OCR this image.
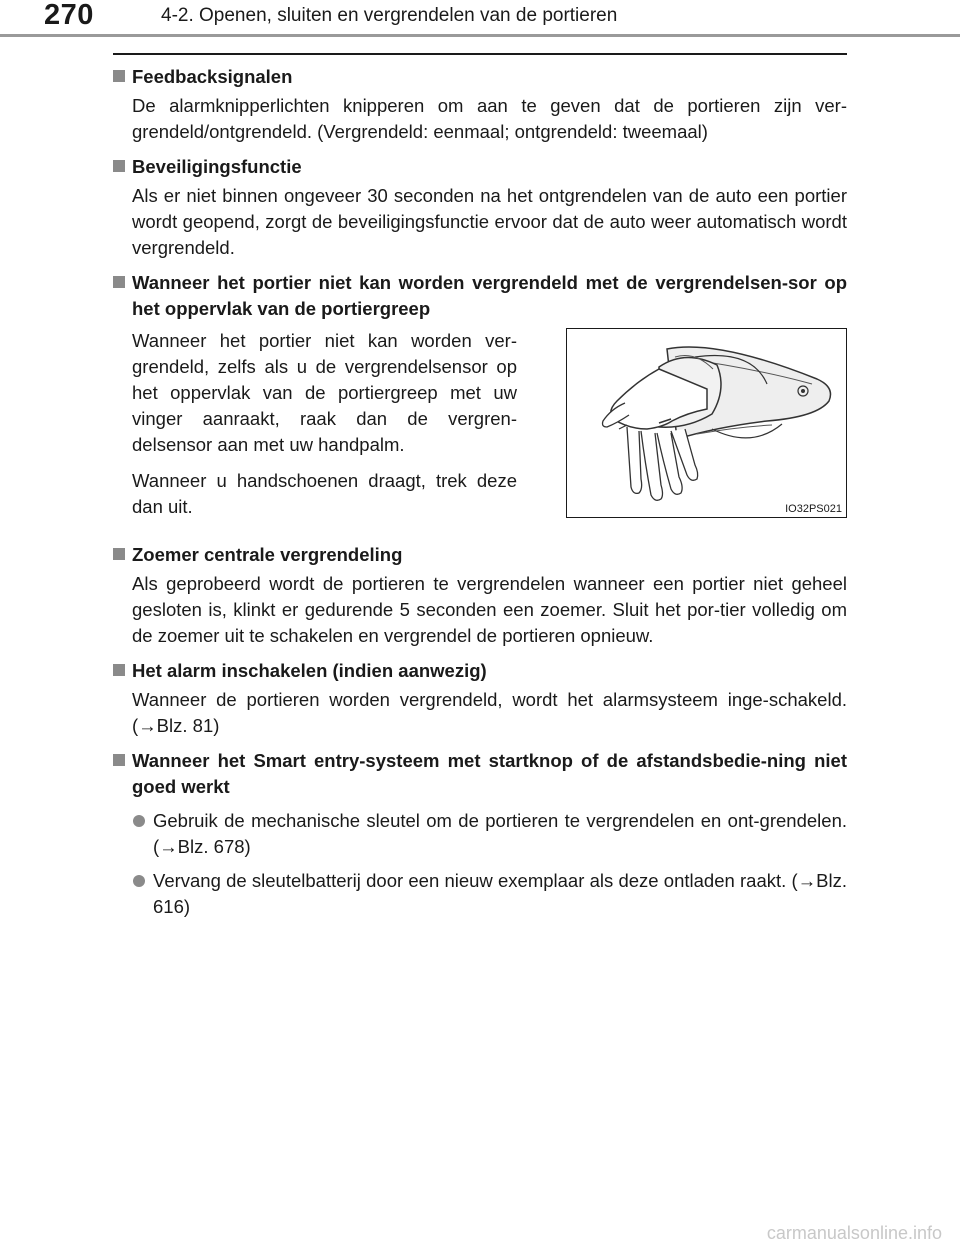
270	4-2. Openen, sluiten en vergrendelen van de portieren
Feedbacksignalen
De alarmknipperlichten knipperen om aan te geven dat de portieren zijn ver-grendeld/ontgrendeld. (Vergrendeld: eenmaal; ontgrendeld: tweemaal)
Beveiligingsfunctie
Als er niet binnen ongeveer 30 seconden na het ontgrendelen van de auto een portier wordt geopend, zorgt de beveiligingsfunctie ervoor dat de auto weer automatisch wordt vergrendeld.
Wanneer het portier niet kan worden vergrendeld met de vergrendelsen-sor op het oppervlak van de portiergreep

Wanneer het portier niet kan worden ver-grendeld, zelfs als u de vergrendelsensor op het oppervlak van de portiergreep met uw vinger aanraakt, raak dan de vergren-delsensor aan met uw handpalm.

Wanneer u handschoenen draagt, trek deze dan uit.	IO32PS021
Zoemer centrale vergrendeling
Als geprobeerd wordt de portieren te vergrendelen wanneer een portier niet geheel gesloten is, klinkt er gedurende 5 seconden een zoemer. Sluit het por-tier volledig om de zoemer uit te schakelen en vergrendel de portieren opnieuw.
Het alarm inschakelen (indien aanwezig)
Wanneer de portieren worden vergrendeld, wordt het alarmsysteem inge-schakeld. (→Blz. 81)
Wanneer het Smart entry-systeem met startknop of de afstandsbedie-ning niet goed werkt
Gebruik de mechanische sleutel om de portieren te vergrendelen en ont-grendelen. (→Blz. 678)
Vervang de sleutelbatterij door een nieuw exemplaar als deze ontladen raakt. (→Blz. 616)
carmanualsonline.info
